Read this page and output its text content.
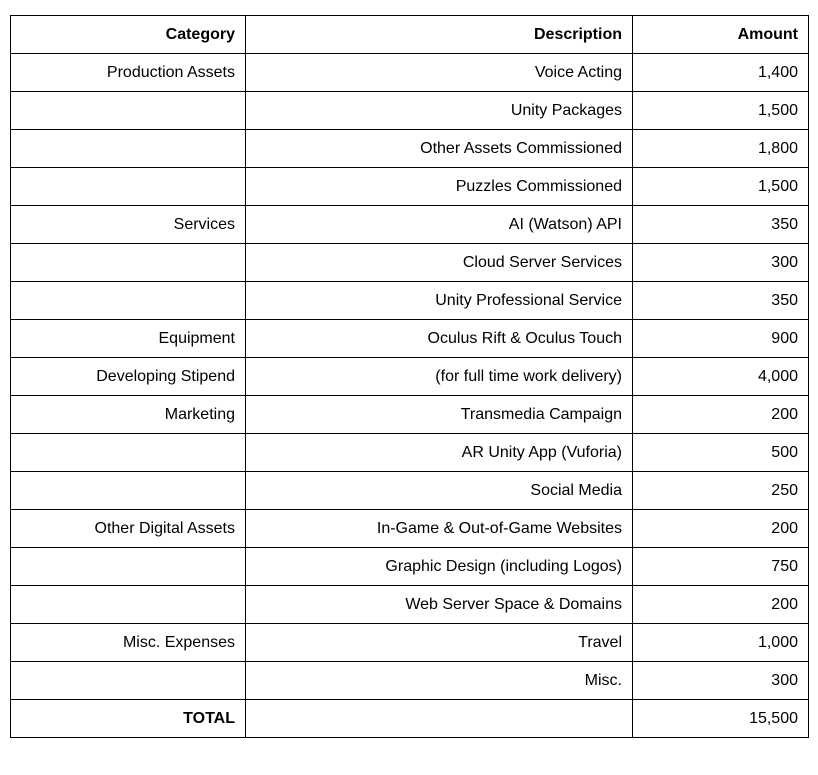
Category	Description	Amount
Production Assets	Voice Acting	1,400
	Unity Packages	1,500
	Other Assets Commissioned	1,800
	Puzzles Commissioned	1,500
Services	AI (Watson) API	350
	Cloud Server Services	300
	Unity Professional Service	350
Equipment	Oculus Rift & Oculus Touch	900
Developing Stipend	(for full time work delivery)	4,000
Marketing	Transmedia Campaign	200
	AR Unity App (Vuforia)	500
	Social Media	250
Other Digital Assets	In-Game & Out-of-Game Websites	200
	Graphic Design (including Logos)	750
	Web Server Space & Domains	200
Misc. Expenses	Travel	1,000
	Misc.	300
TOTAL		15,500
